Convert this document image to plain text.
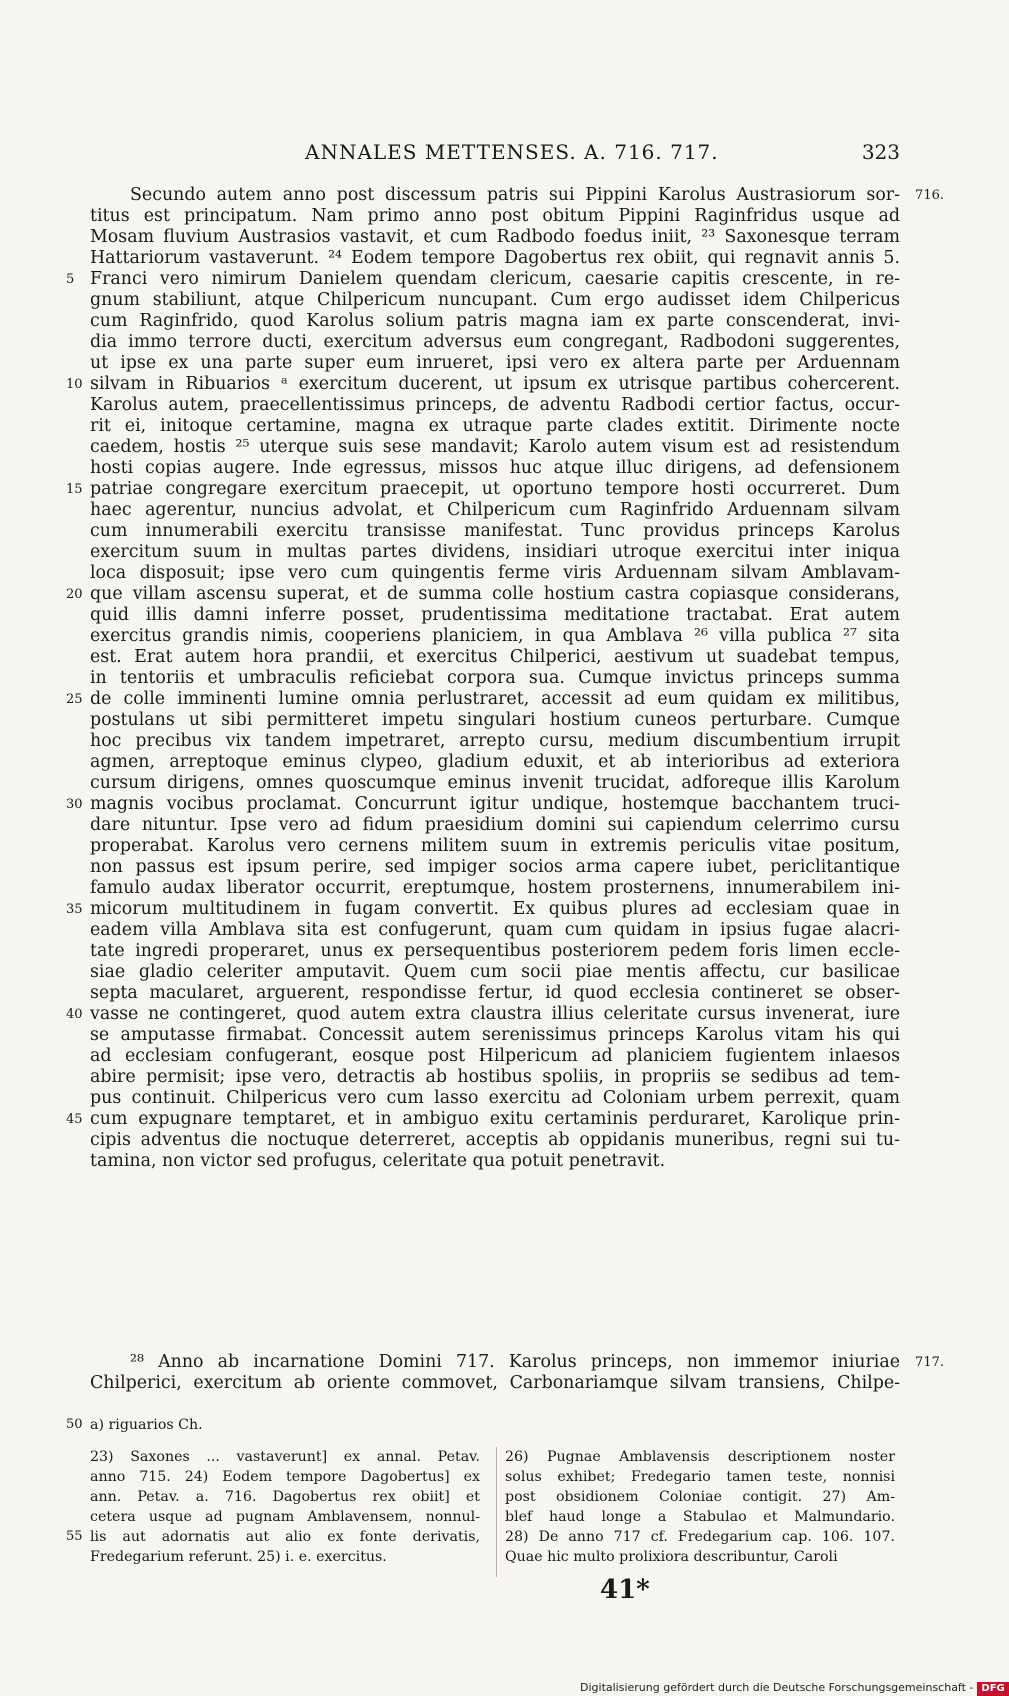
ANNALES METTENSES. A. 716. 717.	323
Secundo autem anno post discessum patris sui Pippini Karolus Austrasiorum sor- 716.
titus est principatum. Nam primo anno post obitum Pippini Raginfridus usque ad
Mosam fluvium Austrasios vastavit, et cum Radbodo foedus iniit, ²³ Saxonesque terram
Hattariorum vastaverunt. ²⁴ Eodem tempore Dagobertus rex obiit, qui regnavit annis 5.
5 Franci vero nimirum Danielem quendam clericum, caesarie capitis crescente, in re-
gnum stabiliunt, atque Chilpericum nuncupant. Cum ergo audisset idem Chilpericus
cum Raginfrido, quod Karolus solium patris magna iam ex parte conscenderat, invi-
dia immo terrore ducti, exercitum adversus eum congregant, Radbodoni suggerentes,
ut ipse ex una parte super eum inrueret, ipsi vero ex altera parte per Arduennam
10 silvam in Ribuarios ᵃ exercitum ducerent, ut ipsum ex utrisque partibus cohercerent.
Karolus autem, praecellentissimus princeps, de adventu Radbodi certior factus, occur-
rit ei, initoque certamine, magna ex utraque parte clades extitit. Dirimente nocte
caedem, hostis ²⁵ uterque suis sese mandavit; Karolo autem visum est ad resistendum
hosti copias augere. Inde egressus, missos huc atque illuc dirigens, ad defensionem
15 patriae congregare exercitum praecepit, ut oportuno tempore hosti occurreret. Dum
haec agerentur, nuncius advolat, et Chilpericum cum Raginfrido Arduennam silvam
cum innumerabili exercitu transisse manifestat. Tunc providus princeps Karolus
exercitum suum in multas partes dividens, insidiari utroque exercitui inter iniqua
loca disposuit; ipse vero cum quingentis ferme viris Arduennam silvam Amblavam-
20 que villam ascensu superat, et de summa colle hostium castra copiasque considerans,
quid illis damni inferre posset, prudentissima meditatione tractabat. Erat autem
exercitus grandis nimis, cooperiens planiciem, in qua Amblava ²⁶ villa publica ²⁷ sita
est. Erat autem hora prandii, et exercitus Chilperici, aestivum ut suadebat tempus,
in tentoriis et umbraculis reficiebat corpora sua. Cumque invictus princeps summa
25 de colle imminenti lumine omnia perlustraret, accessit ad eum quidam ex militibus,
postulans ut sibi permitteret impetu singulari hostium cuneos perturbare. Cumque
hoc precibus vix tandem impetraret, arrepto cursu, medium discumbentium irrupit
agmen, arreptoque eminus clypeo, gladium eduxit, et ab interioribus ad exteriora
cursum dirigens, omnes quoscumque eminus invenit trucidat, adforeque illis Karolum
30 magnis vocibus proclamat. Concurrunt igitur undique, hostemque bacchantem truci-
dare nituntur. Ipse vero ad fidum praesidium domini sui capiendum celerrimo cursu
properabat. Karolus vero cernens militem suum in extremis periculis vitae positum,
non passus est ipsum perire, sed impiger socios arma capere iubet, periclitantique
famulo audax liberator occurrit, ereptumque, hostem prosternens, innumerabilem ini-
35 micorum multitudinem in fugam convertit. Ex quibus plures ad ecclesiam quae in
eadem villa Amblava sita est confugerunt, quam cum quidam in ipsius fugae alacri-
tate ingredi properaret, unus ex persequentibus posteriorem pedem foris limen eccle-
siae gladio celeriter amputavit. Quem cum socii piae mentis affectu, cur basilicae
septa macularet, arguerent, respondisse fertur, id quod ecclesia contineret se obser-
40 vasse ne contingeret, quod autem extra claustra illius celeritate cursus invenerat, iure
se amputasse firmabat. Concessit autem serenissimus princeps Karolus vitam his qui
ad ecclesiam confugerant, eosque post Hilpericum ad planiciem fugientem inlaesos
abire permisit; ipse vero, detractis ab hostibus spoliis, in propriis se sedibus ad tem-
pus continuit. Chilpericus vero cum lasso exercitu ad Coloniam urbem perrexit, quam
45 cum expugnare temptaret, et in ambiguo exitu certaminis perduraret, Karolique prin-
cipis adventus die noctuque deterreret, acceptis ab oppidanis muneribus, regni sui tu-
tamina, non victor sed profugus, celeritate qua potuit penetravit.
²⁸ Anno ab incarnatione Domini 717. Karolus princeps, non immemor iniuriae 717.
Chilperici, exercitum ab oriente commovet, Carbonariamque silvam transiens, Chilpe-
50 a) riguarios Ch.
23) Saxones ... vastaverunt] ex annal. Petav.
anno 715. 24) Eodem tempore Dagobertus] ex
ann. Petav. a. 716. Dagobertus rex obiit] et
cetera usque ad pugnam Amblavensem, nonnul-
55 lis aut adornatis aut alio ex fonte derivatis,
Fredegarium referunt. 25) i. e. exercitus.
26) Pugnae Amblavensis descriptionem noster
solus exhibet; Fredegario tamen teste, nonnisi
post obsidionem Coloniae contigit. 27) Am-
blef haud longe a Stabulao et Malmundario.
28) De anno 717 cf. Fredegarium cap. 106. 107.
Quae hic multo prolixiora describuntur, Caroli
41*
Digitalisierung gefördert durch die Deutsche Forschungsgemeinschaft - DFG
